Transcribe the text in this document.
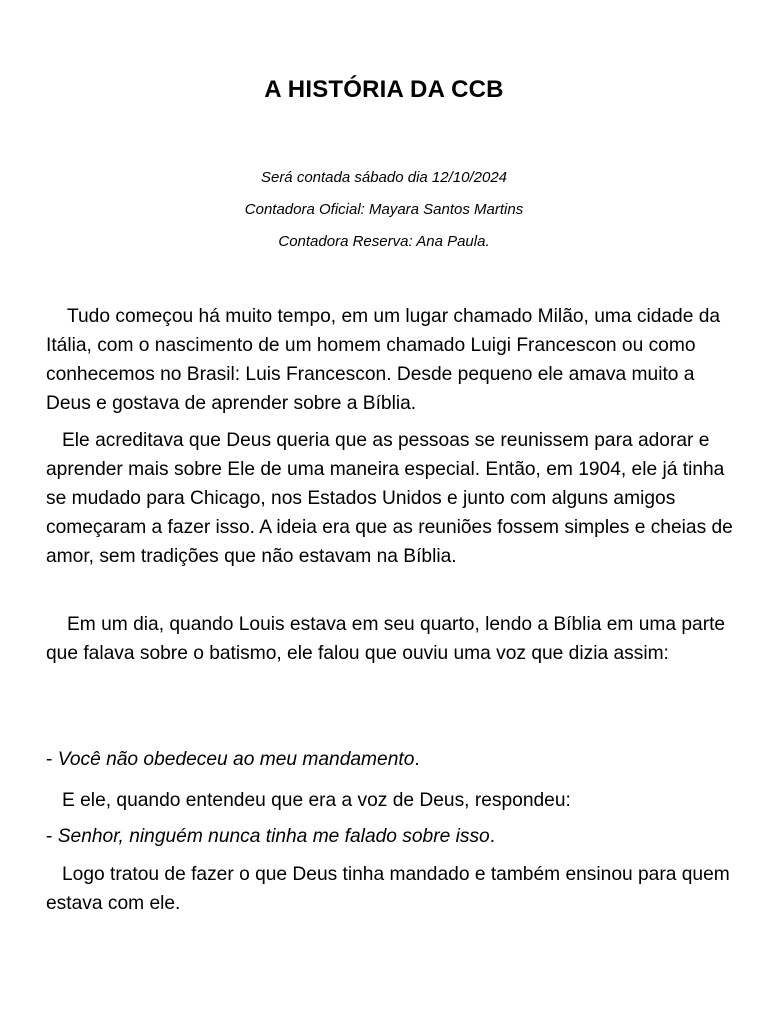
A HISTÓRIA DA CCB
Será contada sábado dia 12/10/2024
Contadora Oficial: Mayara Santos Martins
Contadora Reserva: Ana Paula.

Tudo começou há muito tempo, em um lugar chamado Milão, uma cidade da Itália, com o nascimento de um homem chamado Luigi Francescon ou como conhecemos no Brasil: Luis Francescon. Desde pequeno ele amava muito a Deus e gostava de aprender sobre a Bíblia.

Ele acreditava que Deus queria que as pessoas se reunissem para adorar e aprender mais sobre Ele de uma maneira especial. Então, em 1904, ele já tinha se mudado para Chicago, nos Estados Unidos e junto com alguns amigos começaram a fazer isso. A ideia era que as reuniões fossem simples e cheias de amor, sem tradições que não estavam na Bíblia.

Em um dia, quando Louis estava em seu quarto, lendo a Bíblia em uma parte que falava sobre o batismo, ele falou que ouviu uma voz que dizia assim:

- Você não obedeceu ao meu mandamento.

E ele, quando entendeu que era a voz de Deus, respondeu:

- Senhor, ninguém nunca tinha me falado sobre isso.

Logo tratou de fazer o que Deus tinha mandado e também ensinou para quem estava com ele.
